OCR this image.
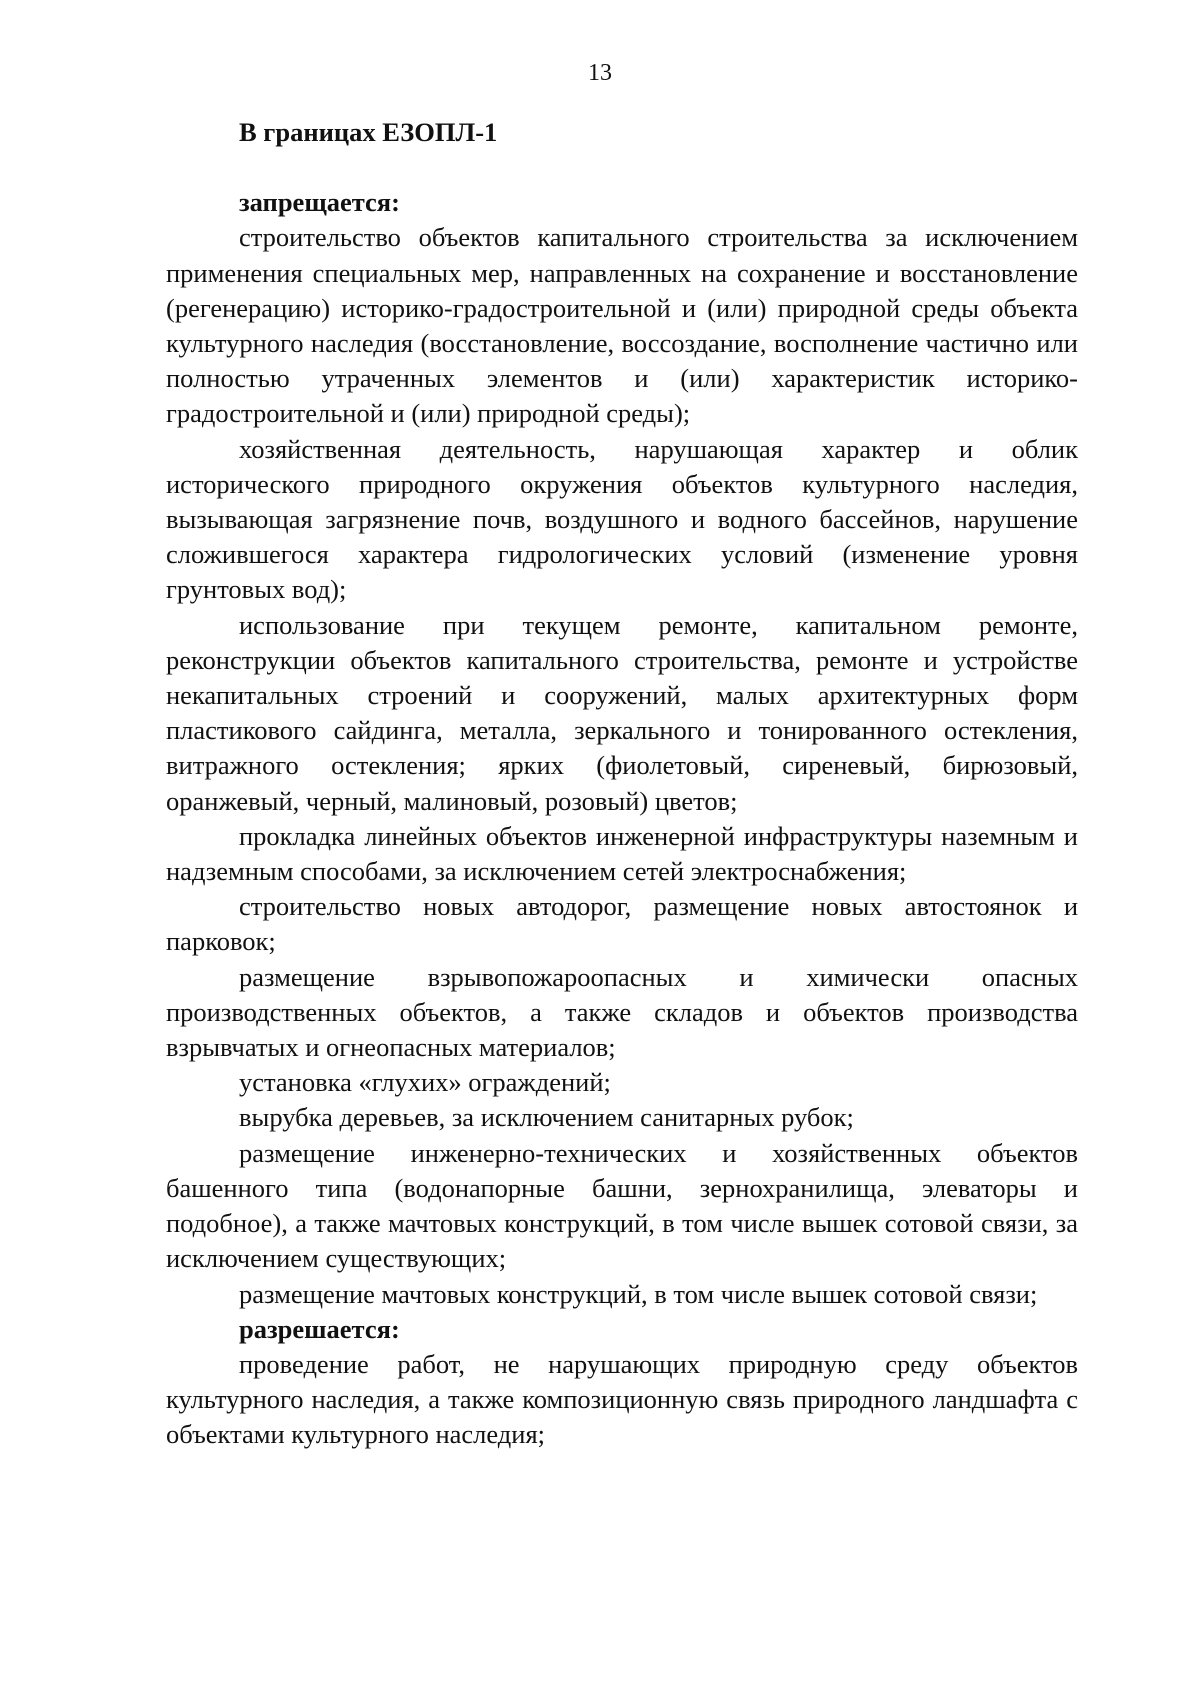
13

В границах ЕЗОПЛ-1

запрещается:

строительство объектов капитального строительства за исключением применения специальных мер, направленных на сохранение и восстановление (регенерацию) историко-градостроительной и (или) природной среды объекта культурного наследия (восстановление, воссоздание, восполнение частично или полностью утраченных элементов и (или) характеристик историко-градостроительной и (или) природной среды);

хозяйственная деятельность, нарушающая характер и облик исторического природного окружения объектов культурного наследия, вызывающая загрязнение почв, воздушного и водного бассейнов, нарушение сложившегося характера гидрологических условий (изменение уровня грунтовых вод);

использование при текущем ремонте, капитальном ремонте, реконструкции объектов капитального строительства, ремонте и устройстве некапитальных строений и сооружений, малых архитектурных форм пластикового сайдинга, металла, зеркального и тонированного остекления, витражного остекления; ярких (фиолетовый, сиреневый, бирюзовый, оранжевый, черный, малиновый, розовый) цветов;

прокладка линейных объектов инженерной инфраструктуры наземным и надземным способами, за исключением сетей электроснабжения;

строительство новых автодорог, размещение новых автостоянок и парковок;

размещение взрывопожароопасных и химически опасных производственных объектов, а также складов и объектов производства взрывчатых и огнеопасных материалов;

установка «глухих» ограждений;

вырубка деревьев, за исключением санитарных рубок;

размещение инженерно-технических и хозяйственных объектов башенного типа (водонапорные башни, зернохранилища, элеваторы и подобное), а также мачтовых конструкций, в том числе вышек сотовой связи, за исключением существующих;

размещение мачтовых конструкций, в том числе вышек сотовой связи;

разрешается:

проведение работ, не нарушающих природную среду объектов культурного наследия, а также композиционную связь природного ландшафта с объектами культурного наследия;
